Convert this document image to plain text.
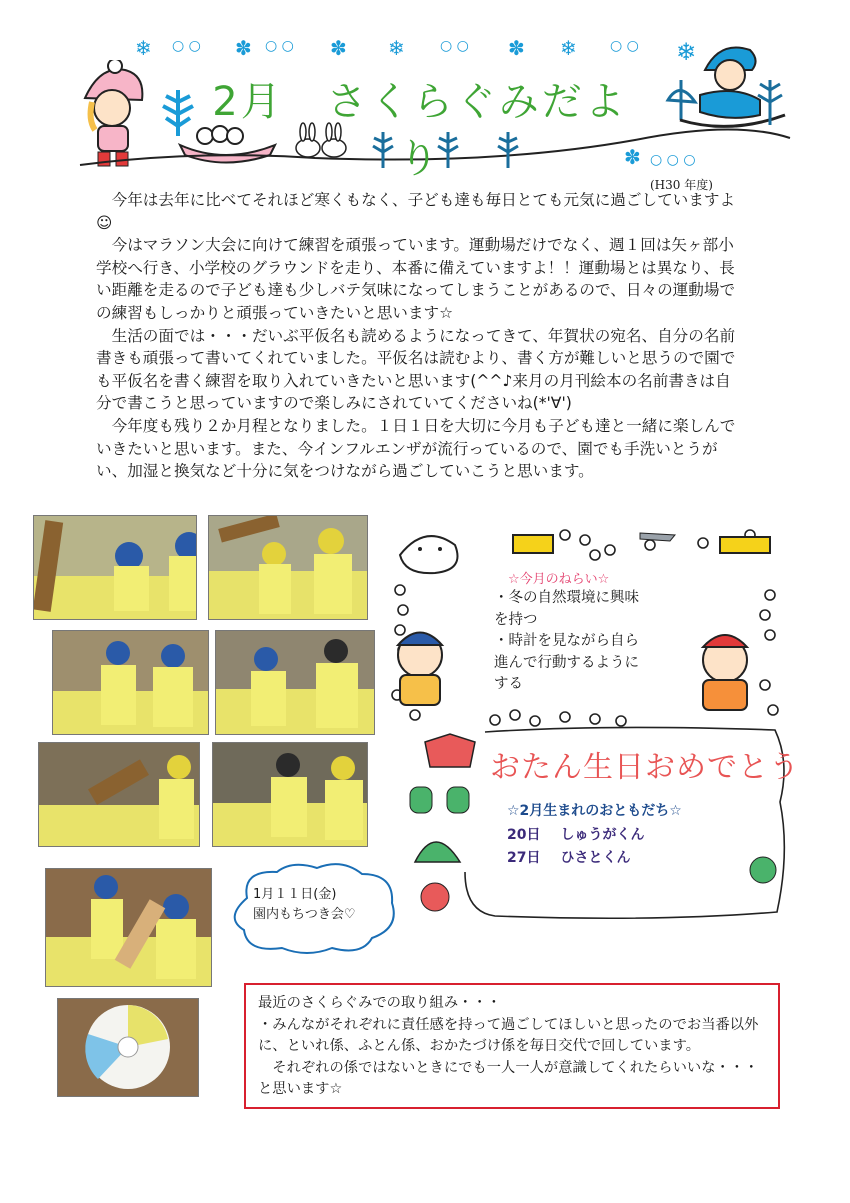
❄ ○ ○ ✽ ○ ○ ✽ ❄	○ ○ ✽ ❄ ○ ○ ❄
✽ ○ ○ ○
2月　さくらぐみだより
(H30 年度)

今年は去年に比べてそれほど寒くもなく、子ども達も毎日とても元気に過ごしていますよ☺

今はマラソン大会に向けて練習を頑張っています。運動場だけでなく、週１回は矢ヶ部小学校へ行き、小学校のグラウンドを走り、本番に備えていますよ！！運動場とは異なり、長い距離を走るので子ども達も少しバテ気味になってしまうことがあるので、日々の運動場での練習もしっかりと頑張っていきたいと思います☆

生活の面では・・・だいぶ平仮名も読めるようになってきて、年賀状の宛名、自分の名前書きも頑張って書いてくれていました。平仮名は読むより、書く方が難しいと思うので園でも平仮名を書く練習を取り入れていきたいと思います(^^♪来月の月刊絵本の名前書きは自分で書こうと思っていますので楽しみにされていてくださいね(*'∀')

今年度も残り２か月程となりました。１日１日を大切に今月も子ども達と一緒に楽しんでいきたいと思います。また、今インフルエンザが流行っているので、園でも手洗いとうがい、加湿と換気など十分に気をつけながら過ごしていこうと思います。

☆今月のねらい☆
・冬の自然環境に興味
を持つ
・時計を見ながら自ら
進んで行動するように
する
おたん生日おめでとう
☆2月生まれのおともだち☆
20日 しゅうがくん
27日 ひさとくん
1月１１日(金)
園内もちつき会♡

最近のさくらぐみでの取り組み・・・

・みんながそれぞれに責任感を持って過ごしてほしいと思ったのでお当番以外に、といれ係、ふとん係、おかたづけ係を毎日交代で回しています。

それぞれの係ではないときにでも一人一人が意識してくれたらいいな・・・と思います☆
